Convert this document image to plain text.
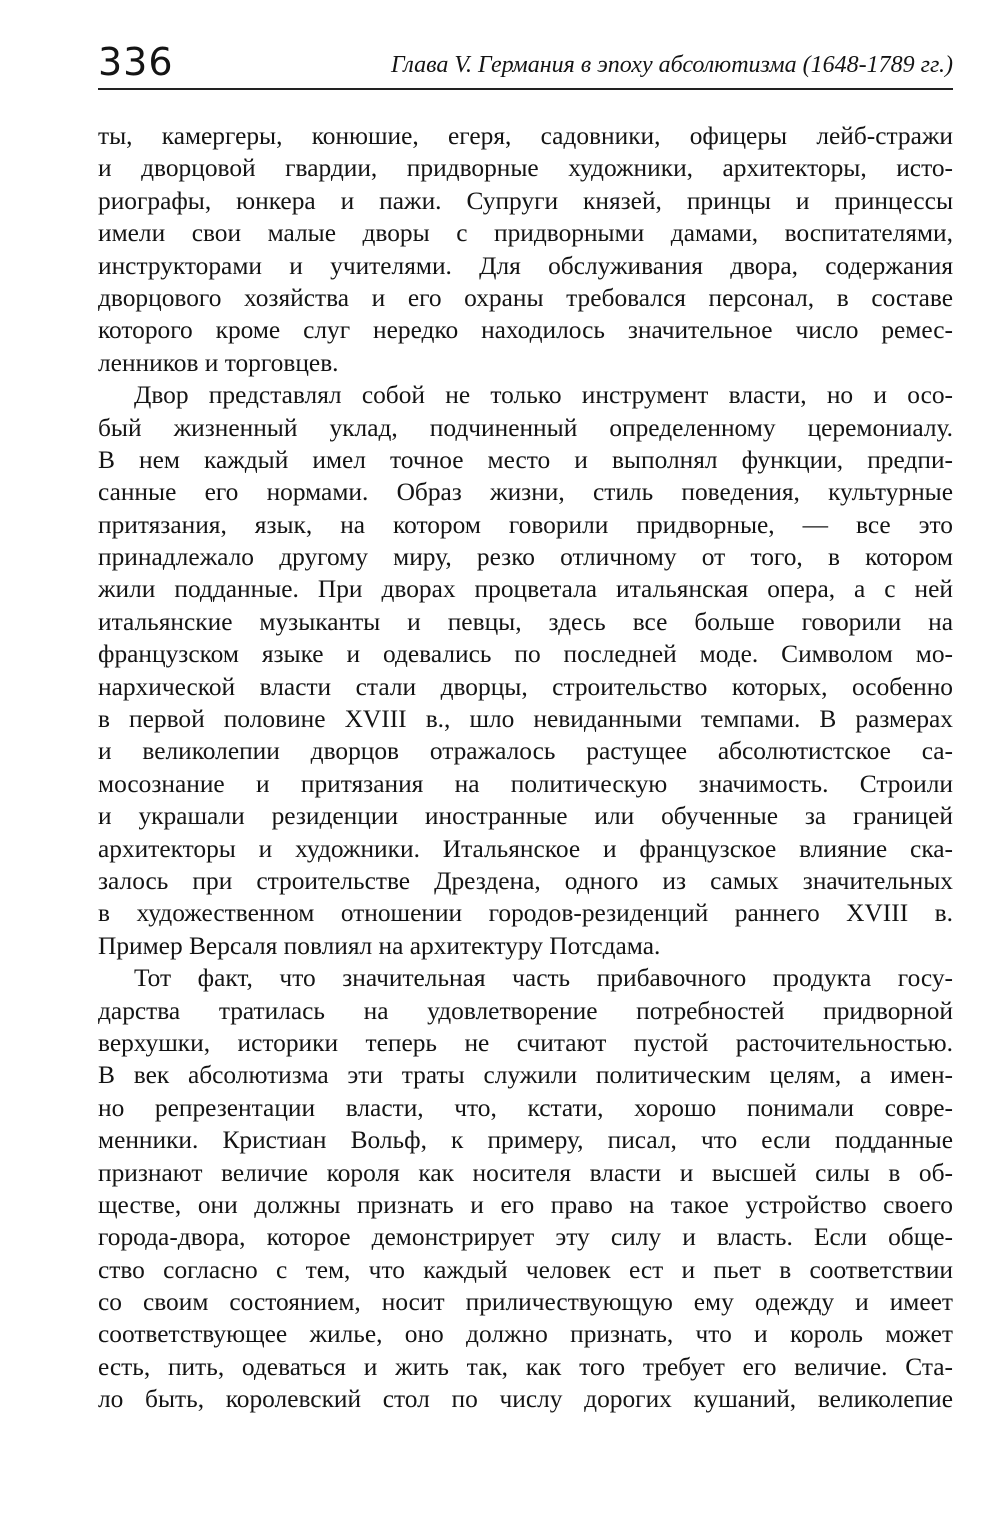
336	Глава V. Германия в эпоху абсолютизма (1648-1789 гг.)
ты, камергеры, конюшие, егеря, садовники, офицеры лейб-стражи
и дворцовой гвардии, придворные художники, архитекторы, исто-
риографы, юнкера и пажи. Супруги князей, принцы и принцессы
имели свои малые дворы с придворными дамами, воспитателями,
инструкторами и учителями. Для обслуживания двора, содержания
дворцового хозяйства и его охраны требовался персонал, в составе
которого кроме слуг нередко находилось значительное число ремес-
ленников и торговцев.
Двор представлял собой не только инструмент власти, но и осо-
бый жизненный уклад, подчиненный определенному церемониалу.
В нем каждый имел точное место и выполнял функции, предпи-
санные его нормами. Образ жизни, стиль поведения, культурные
притязания, язык, на котором говорили придворные, — все это
принадлежало другому миру, резко отличному от того, в котором
жили подданные. При дворах процветала итальянская опера, а с ней
итальянские музыканты и певцы, здесь все больше говорили на
французском языке и одевались по последней моде. Символом мо-
нархической власти стали дворцы, строительство которых, особенно
в первой половине XVIII в., шло невиданными темпами. В размерах
и великолепии дворцов отражалось растущее абсолютистское са-
мосознание и притязания на политическую значимость. Строили
и украшали резиденции иностранные или обученные за границей
архитекторы и художники. Итальянское и французское влияние ска-
залось при строительстве Дрездена, одного из самых значительных
в художественном отношении городов-резиденций раннего XVIII в.
Пример Версаля повлиял на архитектуру Потсдама.
Тот факт, что значительная часть прибавочного продукта госу-
дарства тратилась на удовлетворение потребностей придворной
верхушки, историки теперь не считают пустой расточительностью.
В век абсолютизма эти траты служили политическим целям, а имен-
но репрезентации власти, что, кстати, хорошо понимали совре-
менники. Кристиан Вольф, к примеру, писал, что если подданные
признают величие короля как носителя власти и высшей силы в об-
ществе, они должны признать и его право на такое устройство своего
города-двора, которое демонстрирует эту силу и власть. Если обще-
ство согласно с тем, что каждый человек ест и пьет в соответствии
со своим состоянием, носит приличествующую ему одежду и имеет
соответствующее жилье, оно должно признать, что и король может
есть, пить, одеваться и жить так, как того требует его величие. Ста-
ло быть, королевский стол по числу дорогих кушаний, великолепие
